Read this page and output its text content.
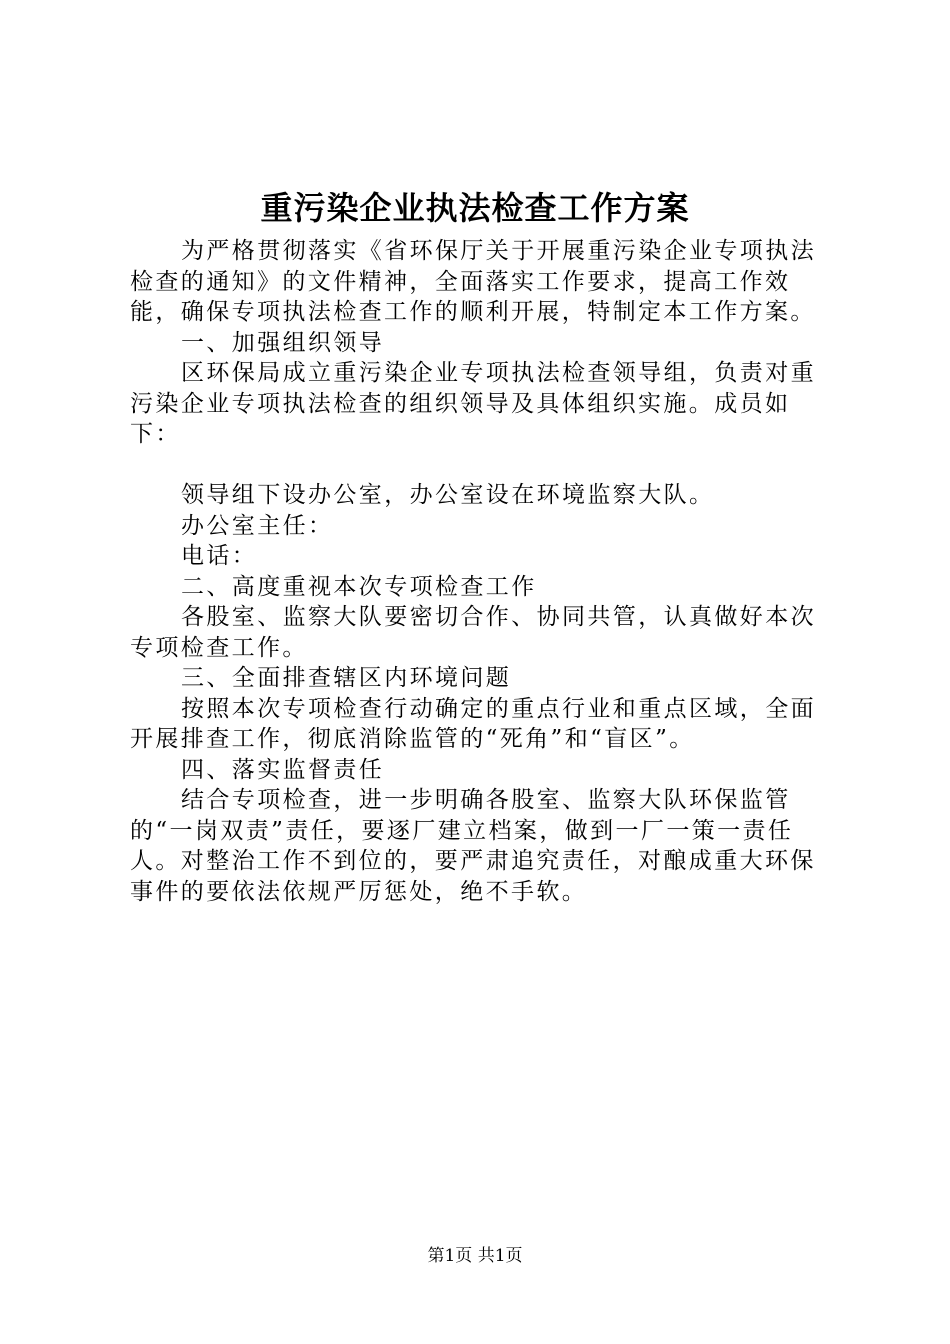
重污染企业执法检查工作方案

为严格贯彻落实《省环保厅关于开展重污染企业专项执法检查的通知》的文件精神，全面落实工作要求，提高工作效能，确保专项执法检查工作的顺利开展，特制定本工作方案。

一、加强组织领导

区环保局成立重污染企业专项执法检查领导组，负责对重污染企业专项执法检查的组织领导及具体组织实施。成员如下：

领导组下设办公室，办公室设在环境监察大队。

办公室主任：

电话：

二、高度重视本次专项检查工作

各股室、监察大队要密切合作、协同共管，认真做好本次专项检查工作。

三、全面排查辖区内环境问题

按照本次专项检查行动确定的重点行业和重点区域，全面开展排查工作，彻底消除监管的“死角”和“盲区”。

四、落实监督责任

结合专项检查，进一步明确各股室、监察大队环保监管的“一岗双责”责任，要逐厂建立档案，做到一厂一策一责任人。对整治工作不到位的，要严肃追究责任，对酿成重大环保事件的要依法依规严厉惩处，绝不手软。

第1页 共1页
